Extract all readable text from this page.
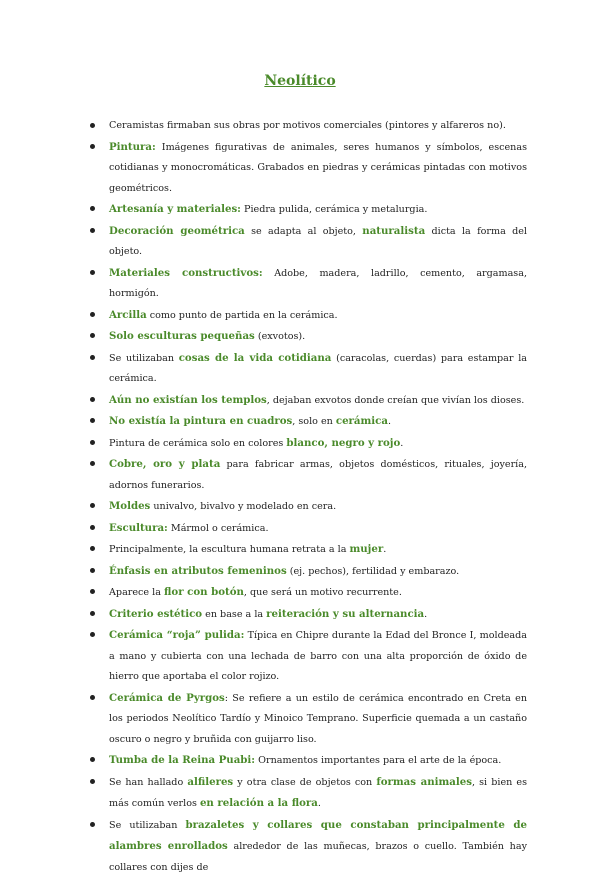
Neolítico
Ceramistas firmaban sus obras por motivos comerciales (pintores y alfareros no).
Pintura: Imágenes figurativas de animales, seres humanos y símbolos, escenas cotidianas y monocromáticas. Grabados en piedras y cerámicas pintadas con motivos geométricos.
Artesanía y materiales: Piedra pulida, cerámica y metalurgia.
Decoración geométrica se adapta al objeto, naturalista dicta la forma del objeto.
Materiales constructivos: Adobe, madera, ladrillo, cemento, argamasa, hormigón.
Arcilla como punto de partida en la cerámica.
Solo esculturas pequeñas (exvotos).
Se utilizaban cosas de la vida cotidiana (caracolas, cuerdas) para estampar la cerámica.
Aún no existían los templos, dejaban exvotos donde creían que vivían los dioses.
No existía la pintura en cuadros, solo en cerámica.
Pintura de cerámica solo en colores blanco, negro y rojo.
Cobre, oro y plata para fabricar armas, objetos domésticos, rituales, joyería, adornos funerarios.
Moldes univalvo, bivalvo y modelado en cera.
Escultura: Mármol o cerámica.
Principalmente, la escultura humana retrata a la mujer.
Énfasis en atributos femeninos (ej. pechos), fertilidad y embarazo.
Aparece la flor con botón, que será un motivo recurrente.
Criterio estético en base a la reiteración y su alternancia.
Cerámica “roja” pulida: Típica en Chipre durante la Edad del Bronce I, moldeada a mano y cubierta con una lechada de barro con una alta proporción de óxido de hierro que aportaba el color rojizo.
Cerámica de Pyrgos: Se refiere a un estilo de cerámica encontrado en Creta en los periodos Neolítico Tardío y Minoico Temprano. Superficie quemada a un castaño oscuro o negro y bruñida con guijarro liso.
Tumba de la Reina Puabi: Ornamentos importantes para el arte de la época.
Se han hallado alfileres y otra clase de objetos con formas animales, si bien es más común verlos en relación a la flora.
Se utilizaban brazaletes y collares que constaban principalmente de alambres enrollados alrededor de las muñecas, brazos o cuello. También hay collares con dijes de
